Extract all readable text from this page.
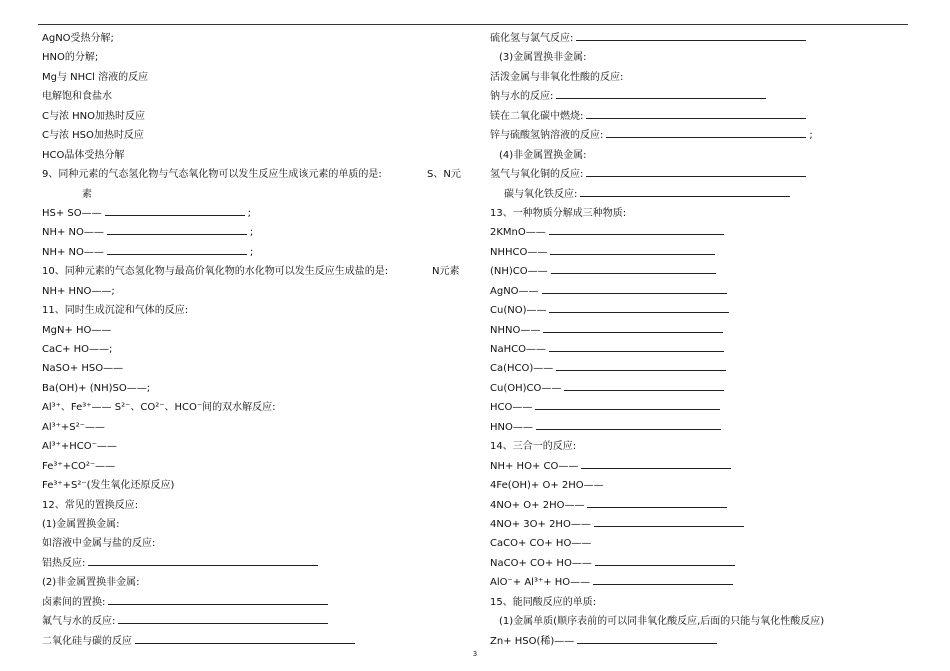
AgNO受热分解;
HNO的分解;
Mg与 NHCl 溶液的反应
电解饱和食盐水
C与浓 HNO加热时反应
C与浓 HSO加热时反应
HCO晶体受热分解
9、同种元素的气态氢化物与气态氧化物可以发生反应生成该元素的单质的是:	S、N元
素
HS+ SO——	;
NH+ NO——	;
NH+ NO——	;
10、同种元素的气态氢化物与最高价氧化物的水化物可以发生反应生成盐的是:	N元素
NH+ HNO——;
11、同时生成沉淀和气体的反应:
MgN+ HO——
CaC+ HO——;
NaSO+ HSO——
Ba(OH)+ (NH)SO——;
Al³⁺、Fe³⁺—— S²⁻、CO²⁻、HCO⁻间的双水解反应:
Al³⁺+S²⁻——
Al³⁺+HCO⁻——
Fe³⁺+CO²⁻——
Fe³⁺+S²⁻(发生氧化还原反应)
12、常见的置换反应:
(1)金属置换金属:
如溶液中金属与盐的反应:
铝热反应:
(2)非金属置换非金属:
卤素间的置换:
氟气与水的反应:
二氧化硅与碳的反应
硫化氢与氯气反应:
(3)金属置换非金属:
活泼金属与非氧化性酸的反应:
钠与水的反应:
镁在二氧化碳中燃烧:
锌与硫酸氢钠溶液的反应:	;
(4)非金属置换金属:
氢气与氧化铜的反应:
碳与氧化铁反应:
13、一种物质分解成三种物质:
2KMnO——
NHHCO——
(NH)CO——
AgNO——
Cu(NO)——
NHNO——
NaHCO——
Ca(HCO)——
Cu(OH)CO——
HCO——
HNO——
14、三合一的反应:
NH+ HO+ CO——
4Fe(OH)+ O+ 2HO——
4NO+ O+ 2HO——
4NO+ 3O+ 2HO——
CaCO+ CO+ HO——
NaCO+ CO+ HO——
AlO⁻+ Al³⁺+ HO——
15、能同酸反应的单质:
(1)金属单质(顺序表前的可以同非氧化酸反应,后面的只能与氧化性酸反应)
Zn+ HSO(稀)——
3
